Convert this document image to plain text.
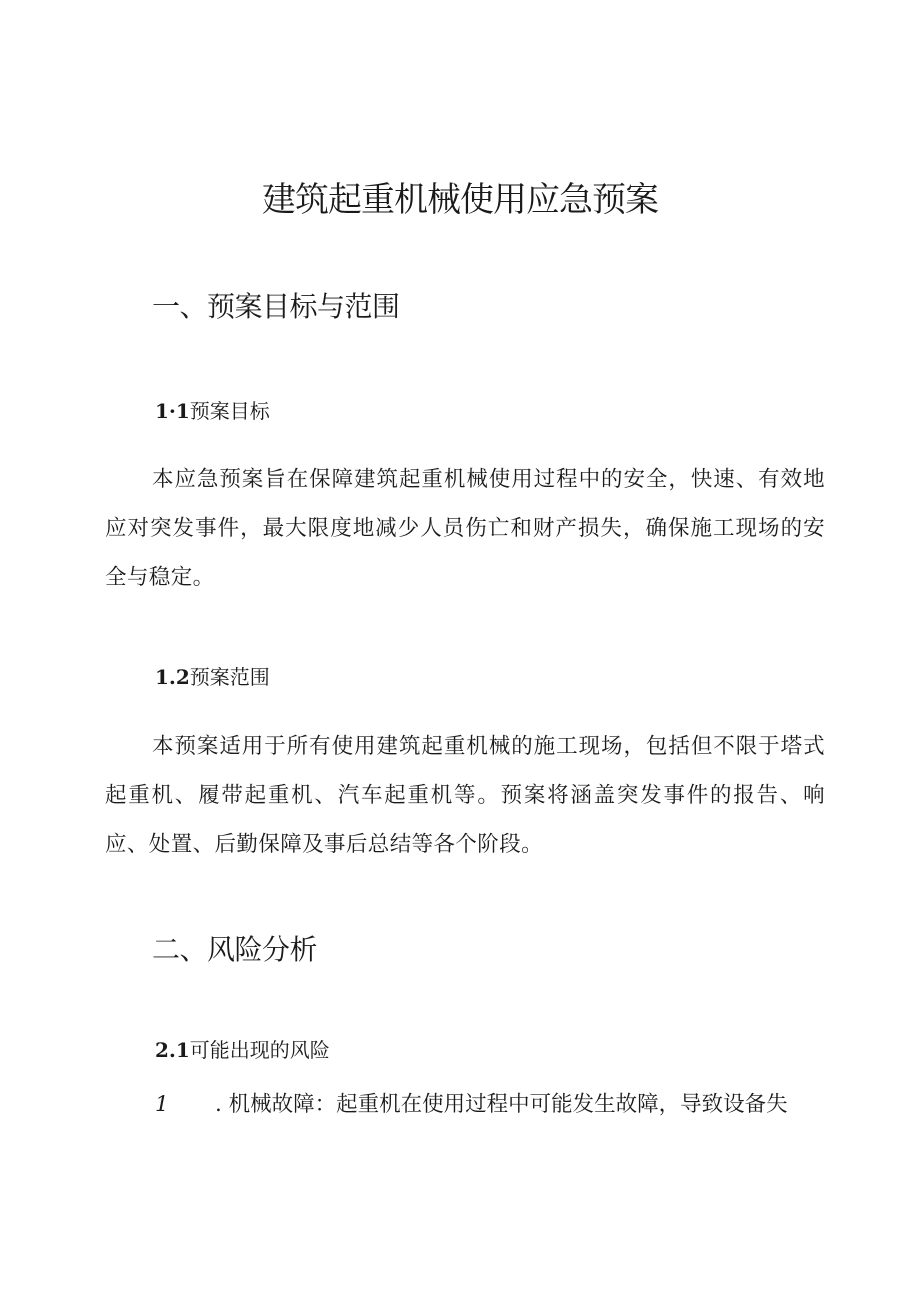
建筑起重机械使用应急预案
一、预案目标与范围
1·1预案目标

本应急预案旨在保障建筑起重机械使用过程中的安全，快速、有效地应对突发事件，最大限度地减少人员伤亡和财产损失，确保施工现场的安全与稳定。

1.2预案范围

本预案适用于所有使用建筑起重机械的施工现场，包括但不限于塔式起重机、履带起重机、汽车起重机等。预案将涵盖突发事件的报告、响应、处置、后勤保障及事后总结等各个阶段。

二、风险分析
2.1可能出现的风险

1 . 机械故障：起重机在使用过程中可能发生故障，导致设备失
